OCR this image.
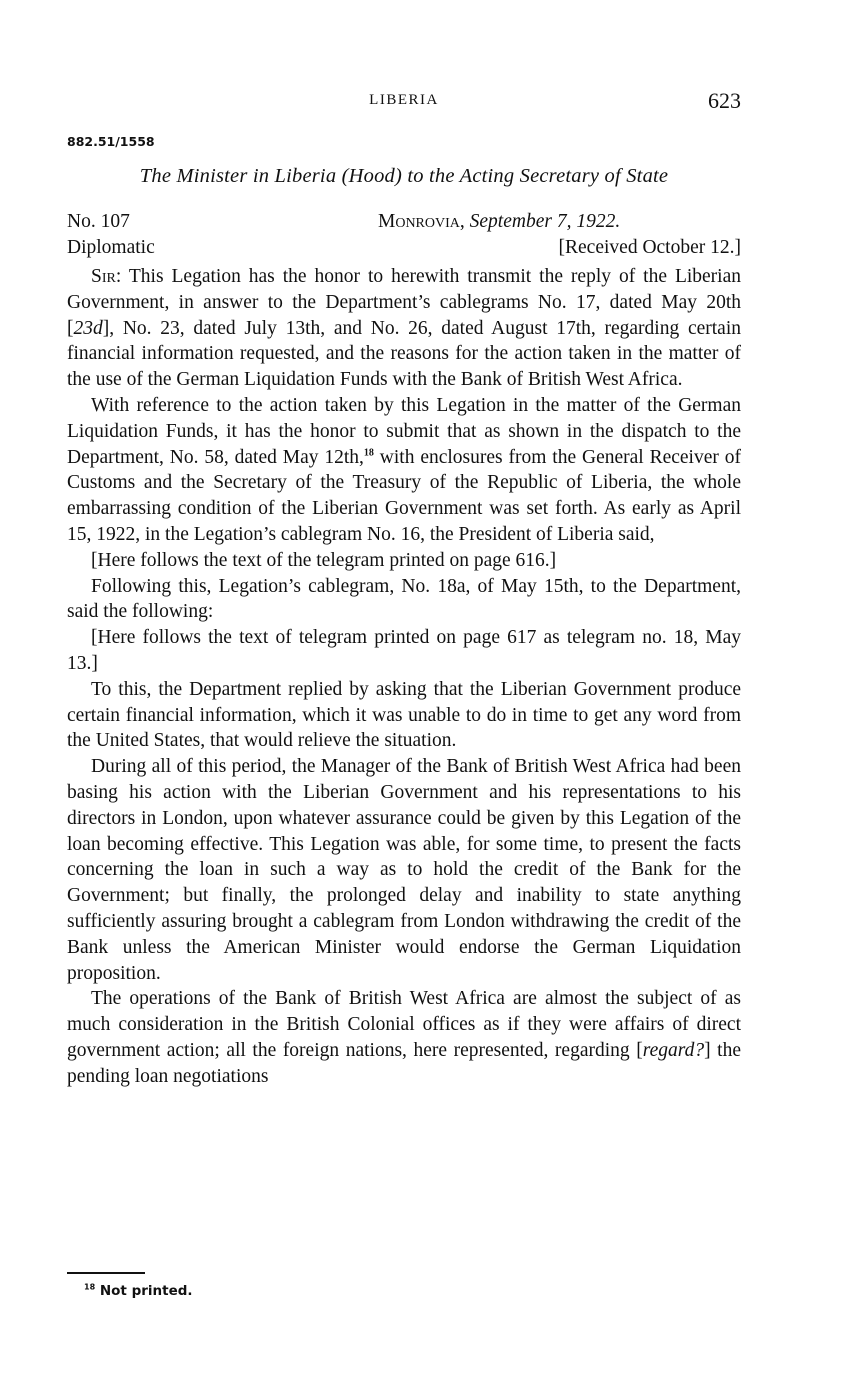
LIBERIA	623
882.51/1558
The Minister in Liberia (Hood) to the Acting Secretary of State
No. 107	Monrovia, September 7, 1922.
Diplomatic	[Received October 12.]

Sir: This Legation has the honor to herewith transmit the reply of the Liberian Government, in answer to the Department’s cablegrams No. 17, dated May 20th [23d], No. 23, dated July 13th, and No. 26, dated August 17th, regarding certain financial information requested, and the reasons for the action taken in the matter of the use of the German Liquidation Funds with the Bank of British West Africa.

With reference to the action taken by this Legation in the matter of the German Liquidation Funds, it has the honor to submit that as shown in the dispatch to the Department, No. 58, dated May 12th,$^{18}$ with enclosures from the General Receiver of Customs and the Secretary of the Treasury of the Republic of Liberia, the whole embarrassing condition of the Liberian Government was set forth. As early as April 15, 1922, in the Legation’s cablegram No. 16, the President of Liberia said,

[Here follows the text of the telegram printed on page 616.]

Following this, Legation’s cablegram, No. 18a, of May 15th, to the Department, said the following:

[Here follows the text of telegram printed on page 617 as telegram no. 18, May 13.]

To this, the Department replied by asking that the Liberian Government produce certain financial information, which it was unable to do in time to get any word from the United States, that would relieve the situation.

During all of this period, the Manager of the Bank of British West Africa had been basing his action with the Liberian Government and his representations to his directors in London, upon whatever assurance could be given by this Legation of the loan becoming effective. This Legation was able, for some time, to present the facts concerning the loan in such a way as to hold the credit of the Bank for the Government; but finally, the prolonged delay and inability to state anything sufficiently assuring brought a cablegram from London withdrawing the credit of the Bank unless the American Minister would endorse the German Liquidation proposition.

The operations of the Bank of British West Africa are almost the subject of as much consideration in the British Colonial offices as if they were affairs of direct government action; all the foreign nations, here represented, regarding [regard?] the pending loan negotiations

$^{18}$ Not printed.
